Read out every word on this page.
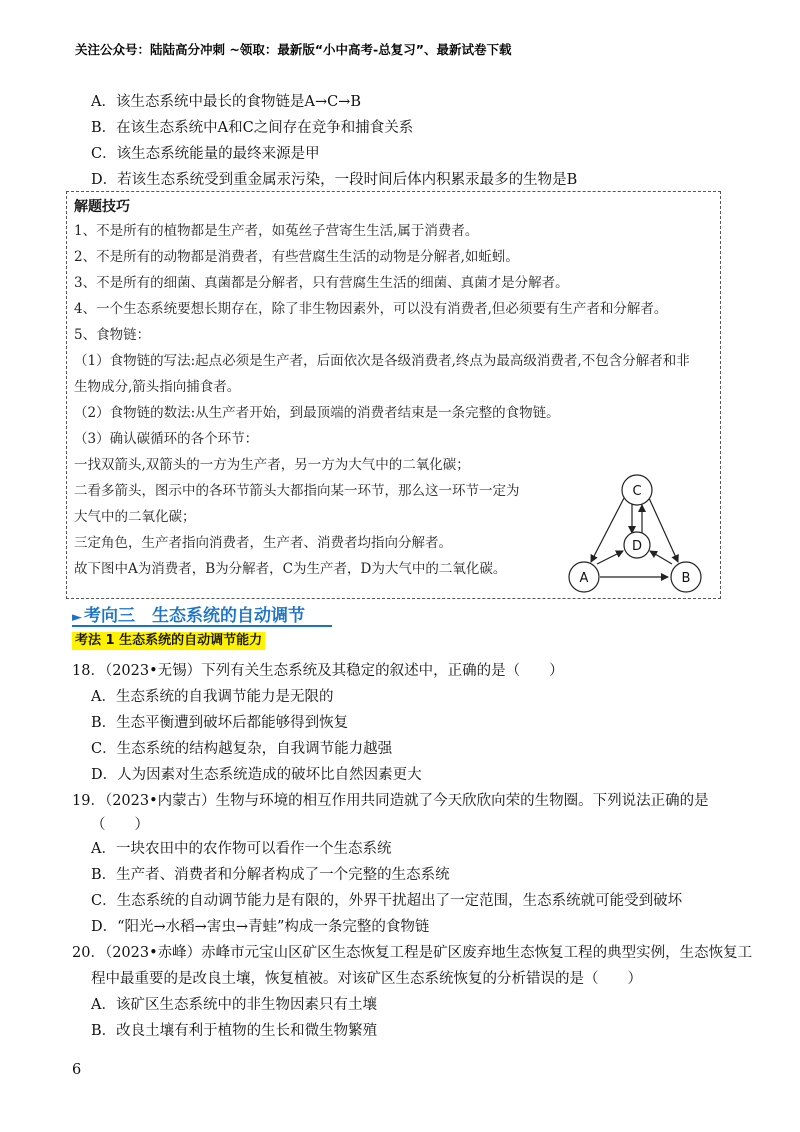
关注公众号：陆陆高分冲刺 ~领取：最新版“小中高考-总复习”、最新试卷下载
A．该生态系统中最长的食物链是A→C→B
B．在该生态系统中A和C之间存在竞争和捕食关系
C．该生态系统能量的最终来源是甲
D．若该生态系统受到重金属汞污染，一段时间后体内积累汞最多的生物是B
解题技巧
1、不是所有的植物都是生产者，如菟丝子营寄生生活,属于消费者。
2、不是所有的动物都是消费者，有些营腐生生活的动物是分解者,如蚯蚓。
3、不是所有的细菌、真菌都是分解者，只有营腐生生活的细菌、真菌才是分解者。
4、一个生态系统要想长期存在，除了非生物因素外，可以没有消费者,但必须要有生产者和分解者。
5、食物链：
（1）食物链的写法:起点必须是生产者，后面依次是各级消费者,终点为最高级消费者,不包含分解者和非
生物成分,箭头指向捕食者。
（2）食物链的数法:从生产者开始，到最顶端的消费者结束是一条完整的食物链。
（3）确认碳循环的各个环节：
一找双箭头,双箭头的一方为生产者，另一方为大气中的二氧化碳；
二看多箭头，图示中的各环节箭头大都指向某一环节，那么这一环节一定为
大气中的二氧化碳；
三定角色，生产者指向消费者，生产者、消费者均指向分解者。
故下图中A为消费者，B为分解者，C为生产者，D为大气中的二氧化碳。
C
D
A	B
► 考向三　生态系统的自动调节
考法 1 生态系统的自动调节能力
18．（2023•无锡）下列有关生态系统及其稳定的叙述中，正确的是（　　）
A．生态系统的自我调节能力是无限的
B．生态平衡遭到破坏后都能够得到恢复
C．生态系统的结构越复杂，自我调节能力越强
D．人为因素对生态系统造成的破坏比自然因素更大
19．（2023•内蒙古）生物与环境的相互作用共同造就了今天欣欣向荣的生物圈。下列说法正确的是
（　　）
A．一块农田中的农作物可以看作一个生态系统
B．生产者、消费者和分解者构成了一个完整的生态系统
C．生态系统的自动调节能力是有限的，外界干扰超出了一定范围，生态系统就可能受到破坏
D．“阳光→水稻→害虫→青蛙”构成一条完整的食物链
20．（2023•赤峰）赤峰市元宝山区矿区生态恢复工程是矿区废弃地生态恢复工程的典型实例，生态恢复工
程中最重要的是改良土壤，恢复植被。对该矿区生态系统恢复的分析错误的是（　　）
A．该矿区生态系统中的非生物因素只有土壤
B．改良土壤有利于植物的生长和微生物繁殖
6
